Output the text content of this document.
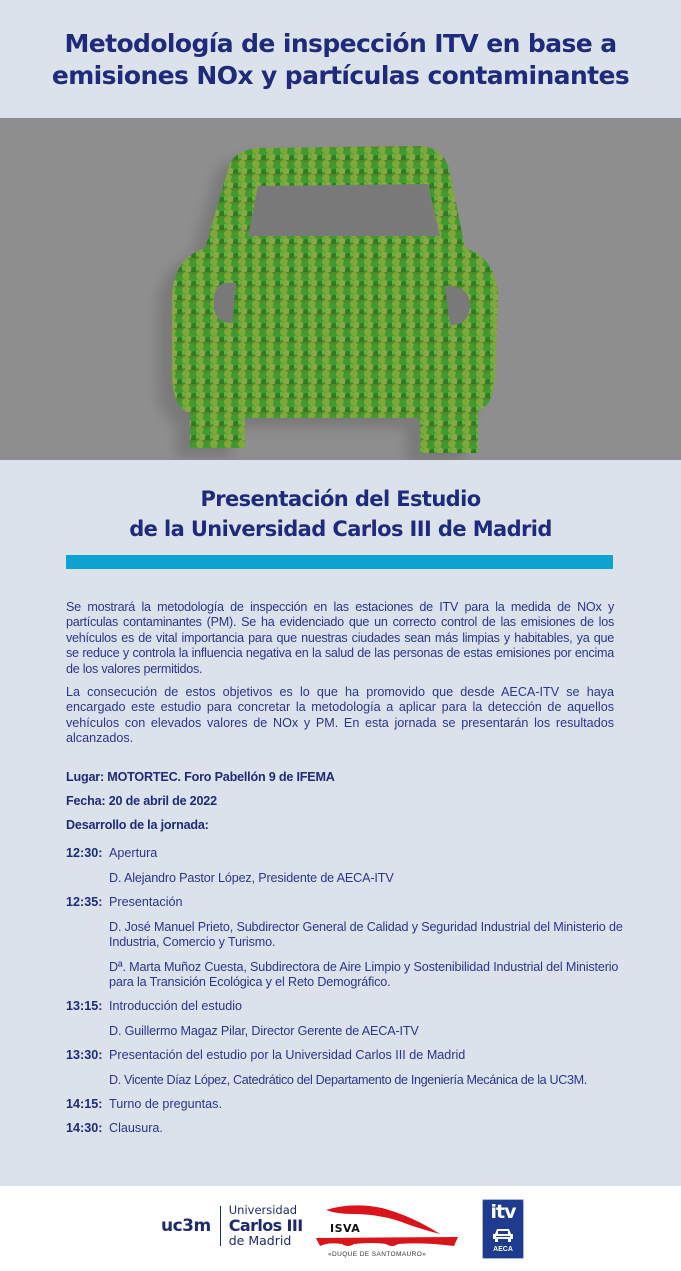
Metodología de inspección ITV en base a
emisiones NOx y partículas contaminantes
Presentación del Estudio
de la Universidad Carlos III de Madrid

Se mostrará la metodología de inspección en las estaciones de ITV para la medida de NOx y partículas contaminantes (PM). Se ha evidenciado que un correcto control de las emisiones de los vehículos es de vital importancia para que nuestras ciudades sean más limpias y habitables, ya que se reduce y controla la influencia negativa en la salud de las personas de estas emisiones por encima de los valores permitidos.

La consecución de estos objetivos es lo que ha promovido que desde AECA-ITV se haya encargado este estudio para concretar la metodología a aplicar para la detección de aquellos vehículos con elevados valores de NOx y PM. En esta jornada se presentarán los resultados alcanzados.

Lugar: MOTORTEC. Foro Pabellón 9 de IFEMA
Fecha: 20 de abril de 2022
Desarrollo de la jornada:
12:30: Apertura
D. Alejandro Pastor López, Presidente de AECA-ITV
12:35: Presentación
D. José Manuel Prieto, Subdirector General de Calidad y Seguridad Industrial del Ministerio de Industria, Comercio y Turismo.
Dª. Marta Muñoz Cuesta, Subdirectora de Aire Limpio y Sostenibilidad Industrial del Ministerio para la Transición Ecológica y el Reto Demográfico.
13:15: Introducción del estudio
D. Guillermo Magaz Pilar, Director Gerente de AECA-ITV
13:30: Presentación del estudio por la Universidad Carlos III de Madrid
D. Vicente Díaz López, Catedrático del Departamento de Ingeniería Mecánica de la UC3M.
14:15: Turno de preguntas.
14:30: Clausura.
uc3m
Universidad
Carlos III
de Madrid
ISVA
«DUQUE DE SANTOMAURO»
itv
AECA
